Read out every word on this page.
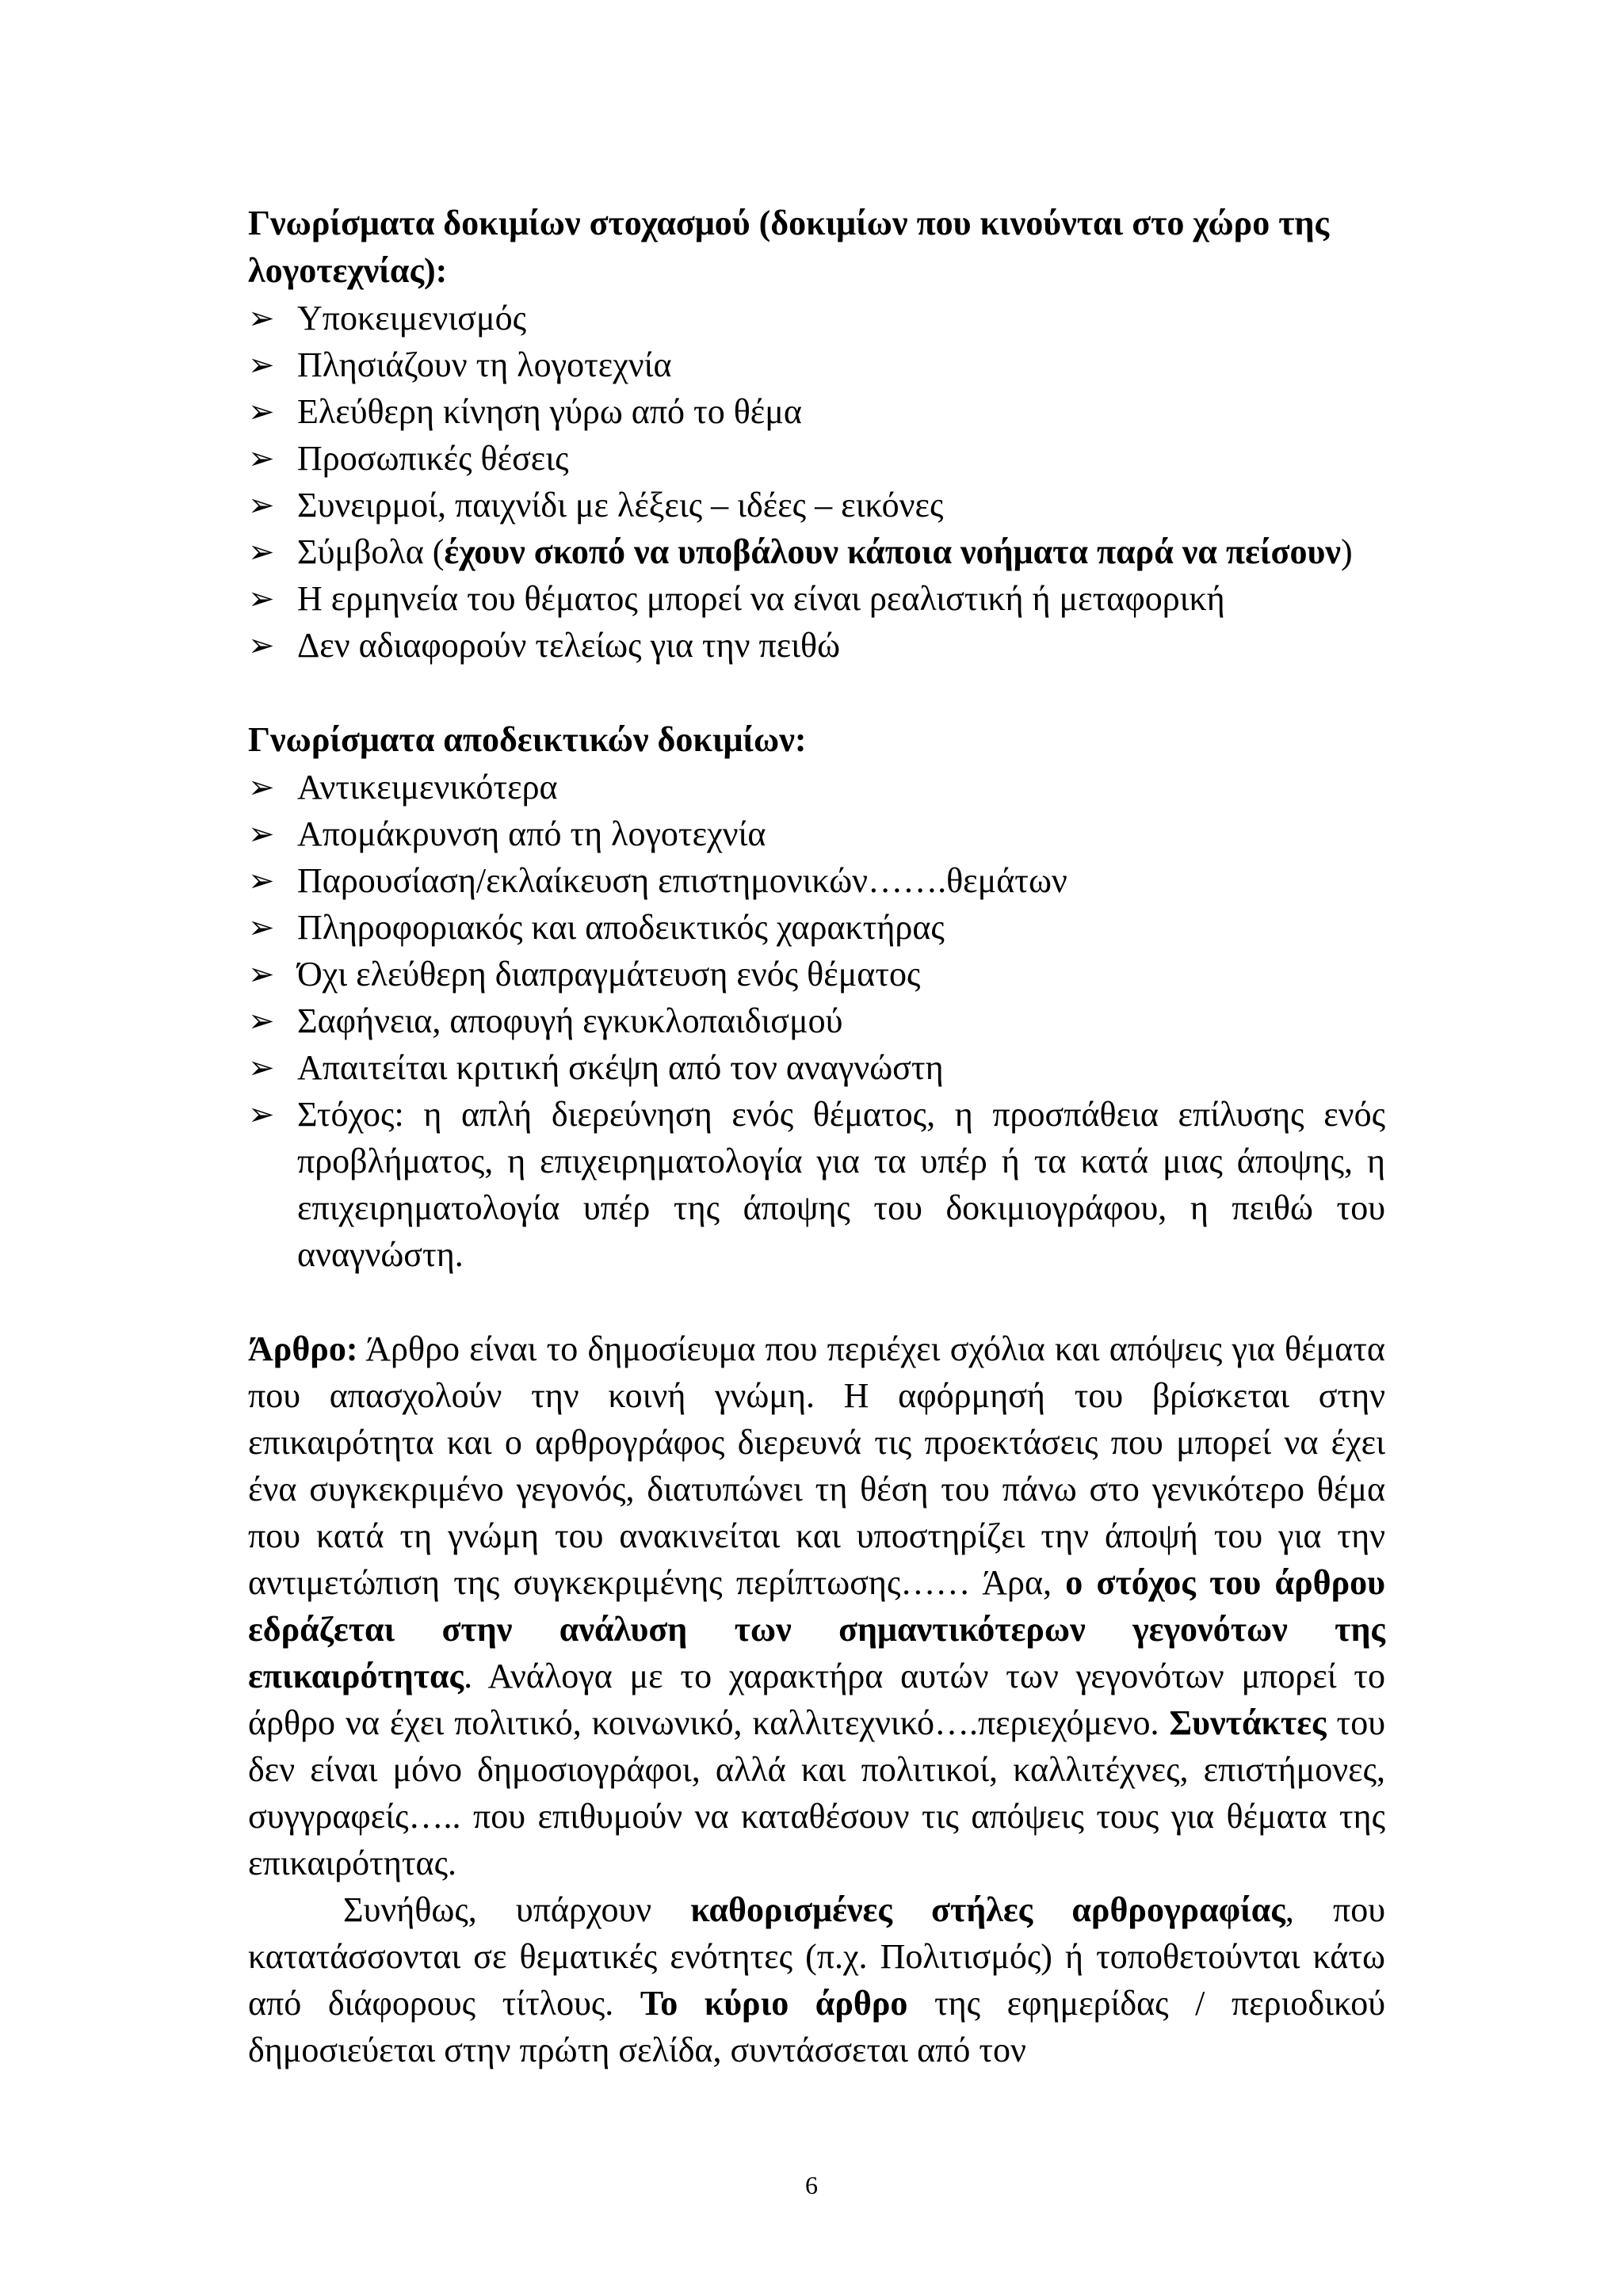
Γνωρίσματα δοκιμίων στοχασμού (δοκιμίων που κινούνται στο χώρο της λογοτεχνίας):

➢ Υποκειμενισμός
➢ Πλησιάζουν τη λογοτεχνία
➢ Ελεύθερη κίνηση γύρω από το θέμα
➢ Προσωπικές θέσεις
➢ Συνειρμοί, παιχνίδι με λέξεις – ιδέες – εικόνες
➢ Σύμβολα (έχουν σκοπό να υποβάλουν κάποια νοήματα παρά να πείσουν)
➢ Η ερμηνεία του θέματος μπορεί να είναι ρεαλιστική ή μεταφορική
➢ Δεν αδιαφορούν τελείως για την πειθώ

Γνωρίσματα αποδεικτικών δοκιμίων:

➢ Αντικειμενικότερα
➢ Απομάκρυνση από τη λογοτεχνία
➢ Παρουσίαση/εκλαίκευση επιστημονικών…….θεμάτων
➢ Πληροφοριακός και αποδεικτικός χαρακτήρας
➢ Όχι ελεύθερη διαπραγμάτευση ενός θέματος
➢ Σαφήνεια, αποφυγή εγκυκλοπαιδισμού
➢ Απαιτείται κριτική σκέψη από τον αναγνώστη
➢ Στόχος: η απλή διερεύνηση ενός θέματος, η προσπάθεια επίλυσης ενός προβλήματος, η επιχειρηματολογία για τα υπέρ ή τα κατά μιας άποψης, η επιχειρηματολογία υπέρ της άποψης του δοκιμιογράφου, η πειθώ του αναγνώστη.

Άρθρο: Άρθρο είναι το δημοσίευμα που περιέχει σχόλια και απόψεις για θέματα που απασχολούν την κοινή γνώμη. Η αφόρμησή του βρίσκεται στην επικαιρότητα και ο αρθρογράφος διερευνά τις προεκτάσεις που μπορεί να έχει ένα συγκεκριμένο γεγονός, διατυπώνει τη θέση του πάνω στο γενικότερο θέμα που κατά τη γνώμη του ανακινείται και υποστηρίζει την άποψή του για την αντιμετώπιση της συγκεκριμένης περίπτωσης…… Άρα, ο στόχος του άρθρου εδράζεται στην ανάλυση των σημαντικότερων γεγονότων της επικαιρότητας. Ανάλογα με το χαρακτήρα αυτών των γεγονότων μπορεί το άρθρο να έχει πολιτικό, κοινωνικό, καλλιτεχνικό….περιεχόμενο. Συντάκτες του δεν είναι μόνο δημοσιογράφοι, αλλά και πολιτικοί, καλλιτέχνες, επιστήμονες, συγγραφείς….. που επιθυμούν να καταθέσουν τις απόψεις τους για θέματα της επικαιρότητας.

Συνήθως, υπάρχουν καθορισμένες στήλες αρθρογραφίας, που κατατάσσονται σε θεματικές ενότητες (π.χ. Πολιτισμός) ή τοποθετούνται κάτω από διάφορους τίτλους. Το κύριο άρθρο της εφημερίδας / περιοδικού δημοσιεύεται στην πρώτη σελίδα, συντάσσεται από τον

6
